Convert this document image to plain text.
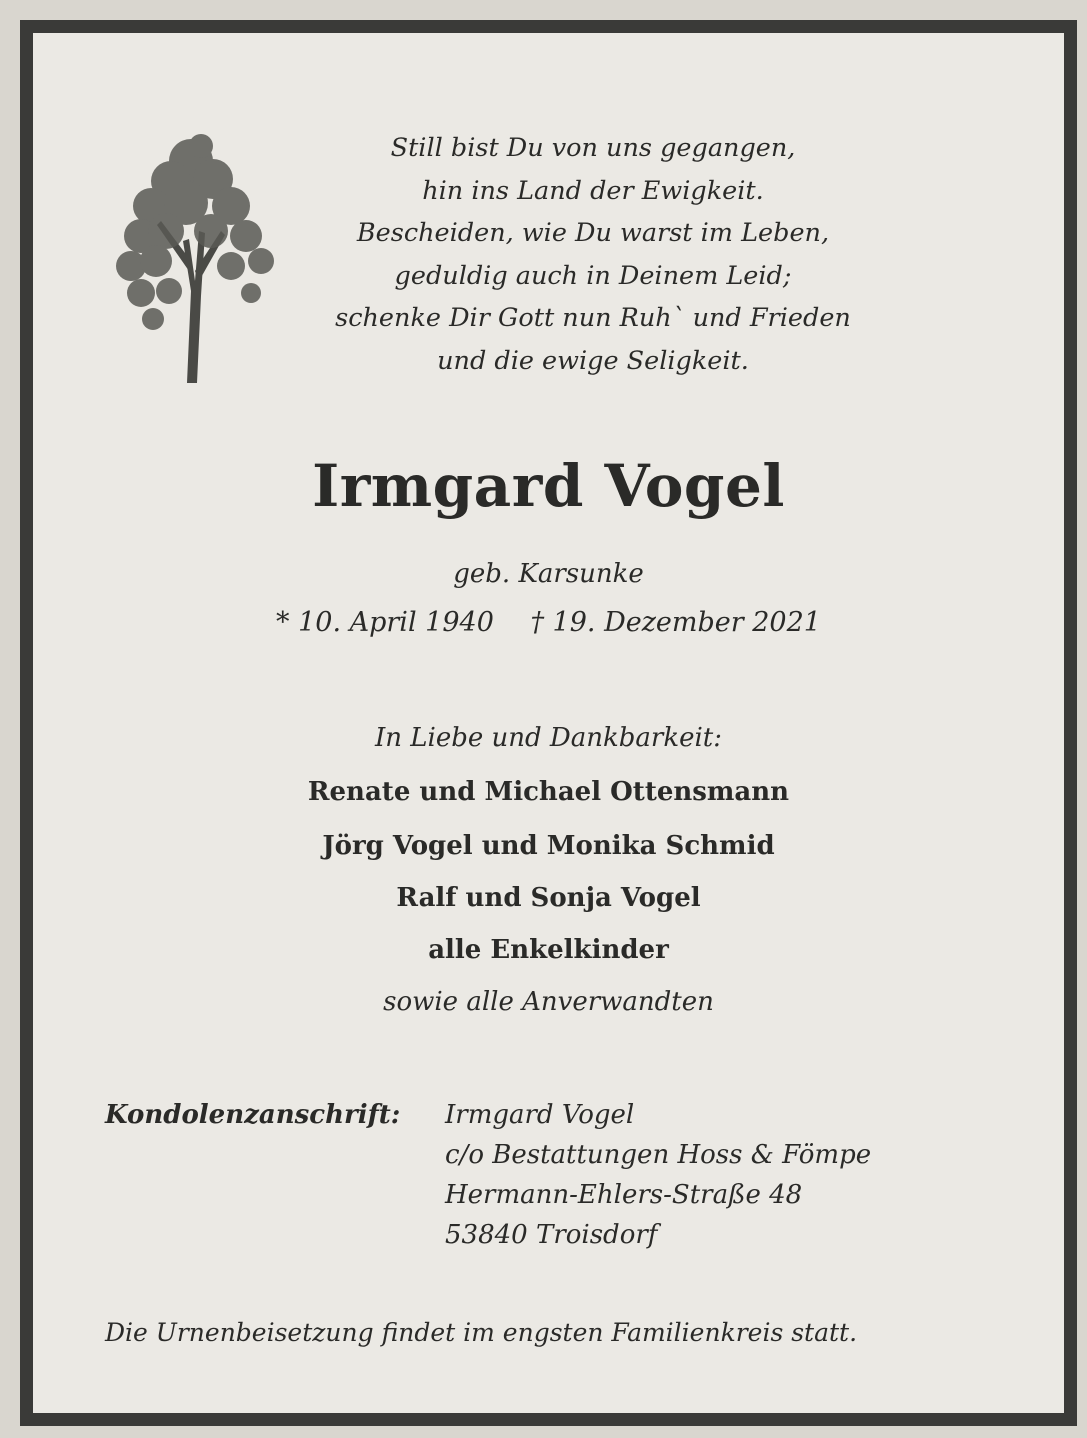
Still bist Du von uns gegangen,
hin ins Land der Ewigkeit.
Bescheiden, wie Du warst im Leben,
geduldig auch in Deinem Leid;
schenke Dir Gott nun Ruh` und Frieden
und die ewige Seligkeit.
Irmgard Vogel
geb. Karsunke
* 10. April 1940 † 19. Dezember 2021
In Liebe und Dankbarkeit:
Renate und Michael Ottensmann
Jörg Vogel und Monika Schmid
Ralf und Sonja Vogel
alle Enkelkinder
sowie alle Anverwandten
Kondolenzanschrift: Irmgard Vogel
c/o Bestattungen Hoss & Fömpe
Hermann-Ehlers-Straße 48
53840 Troisdorf
Die Urnenbeisetzung findet im engsten Familienkreis statt.
